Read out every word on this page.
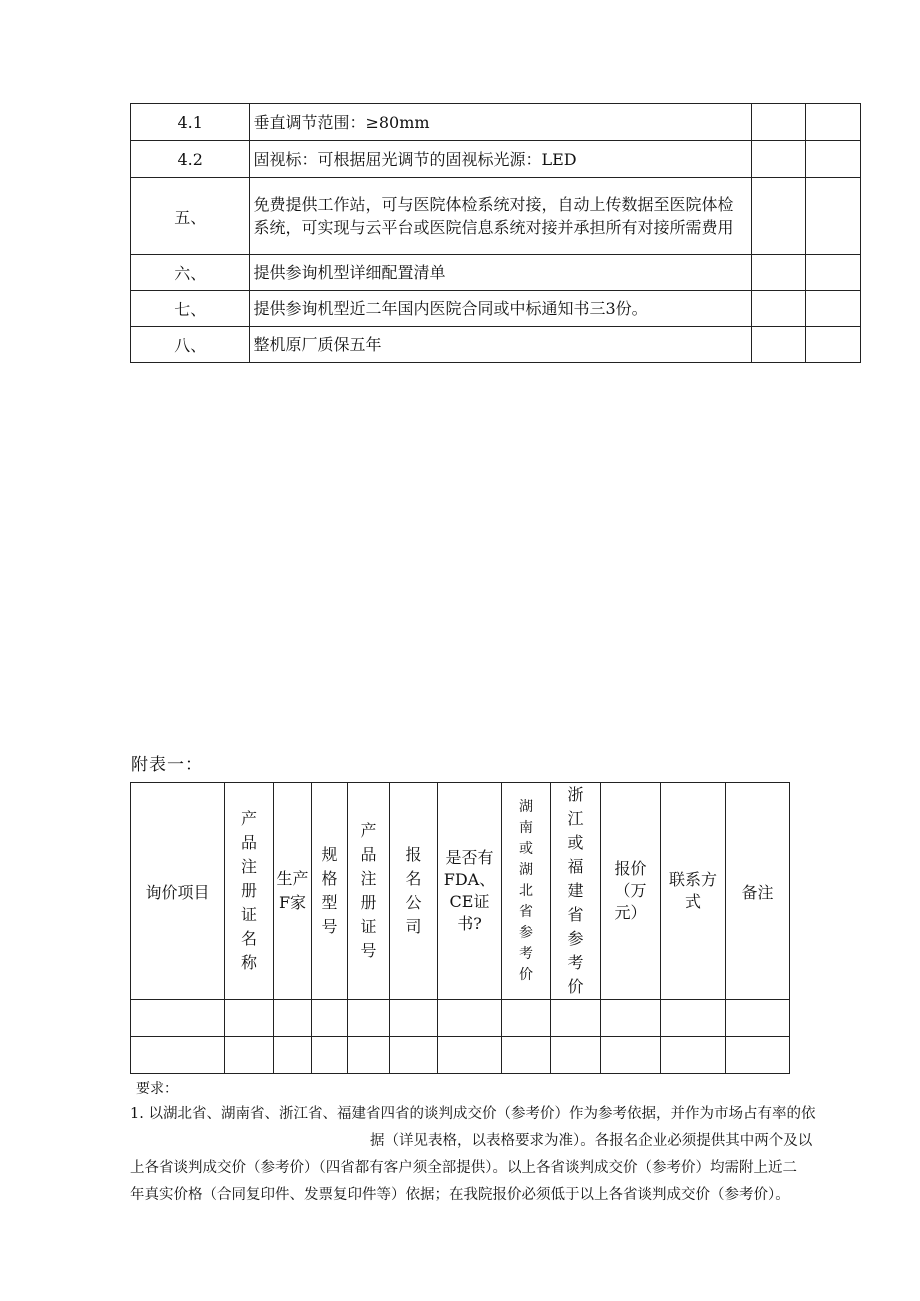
4.1	垂直调节范围：≥80mm		
4.2	固视标：可根据屈光调节的固视标光源：LED		
五、	免费提供工作站，可与医院体检系统对接，自动上传数据至医院体检系统，可实现与云平台或医院信息系统对接并承担所有对接所需费用		
六、	提供参询机型详细配置清单		
七、	提供参询机型近二年国内医院合同或中标通知书三3份。		
八、	整机原厂质保五年		
附表一：
询价项目	产品注册证名称	生产F家	规格型号	产品注册证号	报名公司	是否有FDA、CE证书?	湖南或湖北省参考价	浙江或福建省参考价	报价（万元）	联系方式	备注

要求：

1. 以湖北省、湖南省、浙江省、福建省四省的谈判成交价（参考价）作为参考依据，并作为市场占有率的依

据（详见表格，以表格要求为准）。各报名企业必须提供其中两个及以

上各省谈判成交价（参考价）（四省都有客户须全部提供）。以上各省谈判成交价（参考价）均需附上近二

年真实价格（合同复印件、发票复印件等）依据；在我院报价必须低于以上各省谈判成交价（参考价）。
